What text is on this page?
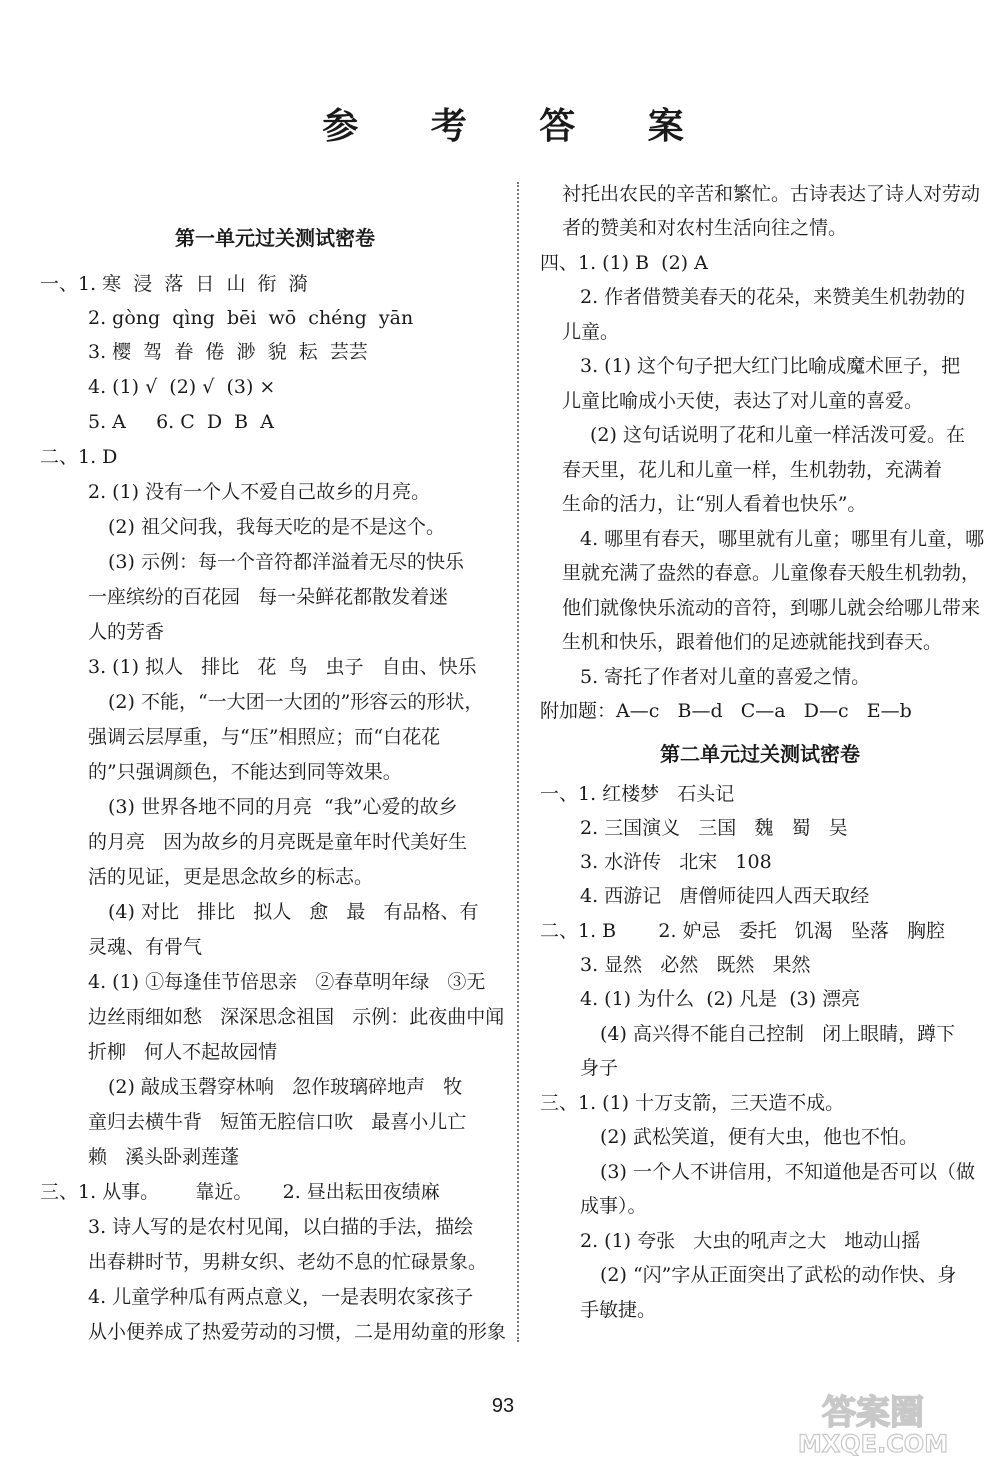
参 考 答 案
第一单元过关测试密卷
一、1. 寒  浸  落  日  山  衔  漪
2. gòng  qìng  bēi  wō  chéng  yān
3. 樱  驾  眷  倦  渺  貌  耘  芸芸
4. (1) √  (2) √  (3) ×
5. A     6. C  D  B  A
二、1. D
2. (1) 没有一个人不爱自己故乡的月亮。
(2) 祖父问我，我每天吃的是不是这个。
(3) 示例：每一个音符都洋溢着无尽的快乐
一座缤纷的百花园   每一朵鲜花都散发着迷
人的芳香
3. (1) 拟人   排比   花  鸟   虫子   自由、快乐
(2) 不能，“一大团一大团的”形容云的形状，
强调云层厚重，与“压”相照应；而“白花花
的”只强调颜色，不能达到同等效果。
(3) 世界各地不同的月亮  “我”心爱的故乡
的月亮   因为故乡的月亮既是童年时代美好生
活的见证，更是思念故乡的标志。
(4) 对比   排比   拟人   愈   最   有品格、有
灵魂、有骨气
4. (1) ①每逢佳节倍思亲   ②春草明年绿   ③无
边丝雨细如愁   深深思念祖国   示例：此夜曲中闻
折柳   何人不起故园情
(2) 敲成玉磬穿林响   忽作玻璃碎地声   牧
童归去横牛背   短笛无腔信口吹   最喜小儿亡
赖   溪头卧剥莲蓬
三、1. 从事。      靠近。     2. 昼出耘田夜绩麻
3. 诗人写的是农村见闻，以白描的手法，描绘
出春耕时节，男耕女织、老幼不息的忙碌景象。
4. 儿童学种瓜有两点意义，一是表明农家孩子
从小便养成了热爱劳动的习惯，二是用幼童的形象
衬托出农民的辛苦和繁忙。古诗表达了诗人对劳动
者的赞美和对农村生活向往之情。
四、1. (1) B  (2) A
2. 作者借赞美春天的花朵，来赞美生机勃勃的
儿童。
3. (1) 这个句子把大红门比喻成魔术匣子，把
儿童比喻成小天使，表达了对儿童的喜爱。
(2) 这句话说明了花和儿童一样活泼可爱。在
春天里，花儿和儿童一样，生机勃勃，充满着
生命的活力，让“别人看着也快乐”。
4. 哪里有春天，哪里就有儿童；哪里有儿童，哪
里就充满了盎然的春意。儿童像春天般生机勃勃，
他们就像快乐流动的音符，到哪儿就会给哪儿带来
生机和快乐，跟着他们的足迹就能找到春天。
5. 寄托了作者对儿童的喜爱之情。
附加题：A—c   B—d   C—a   D—c   E—b
第二单元过关测试密卷
一、1. 红楼梦   石头记
2. 三国演义   三国   魏   蜀   吴
3. 水浒传   北宋   108
4. 西游记   唐僧师徒四人西天取经
二、1. B       2. 妒忌   委托   饥渴   坠落   胸腔
3. 显然   必然   既然   果然
4. (1) 为什么  (2) 凡是  (3) 漂亮
(4) 高兴得不能自己控制   闭上眼睛，蹲下
身子
三、1. (1) 十万支箭，三天造不成。
(2) 武松笑道，便有大虫，他也不怕。
(3) 一个人不讲信用，不知道他是否可以（做
成事）。
2. (1) 夸张   大虫的吼声之大   地动山摇
(2) “闪”字从正面突出了武松的动作快、身
手敏捷。
93	答案圈
MXQE.COM
